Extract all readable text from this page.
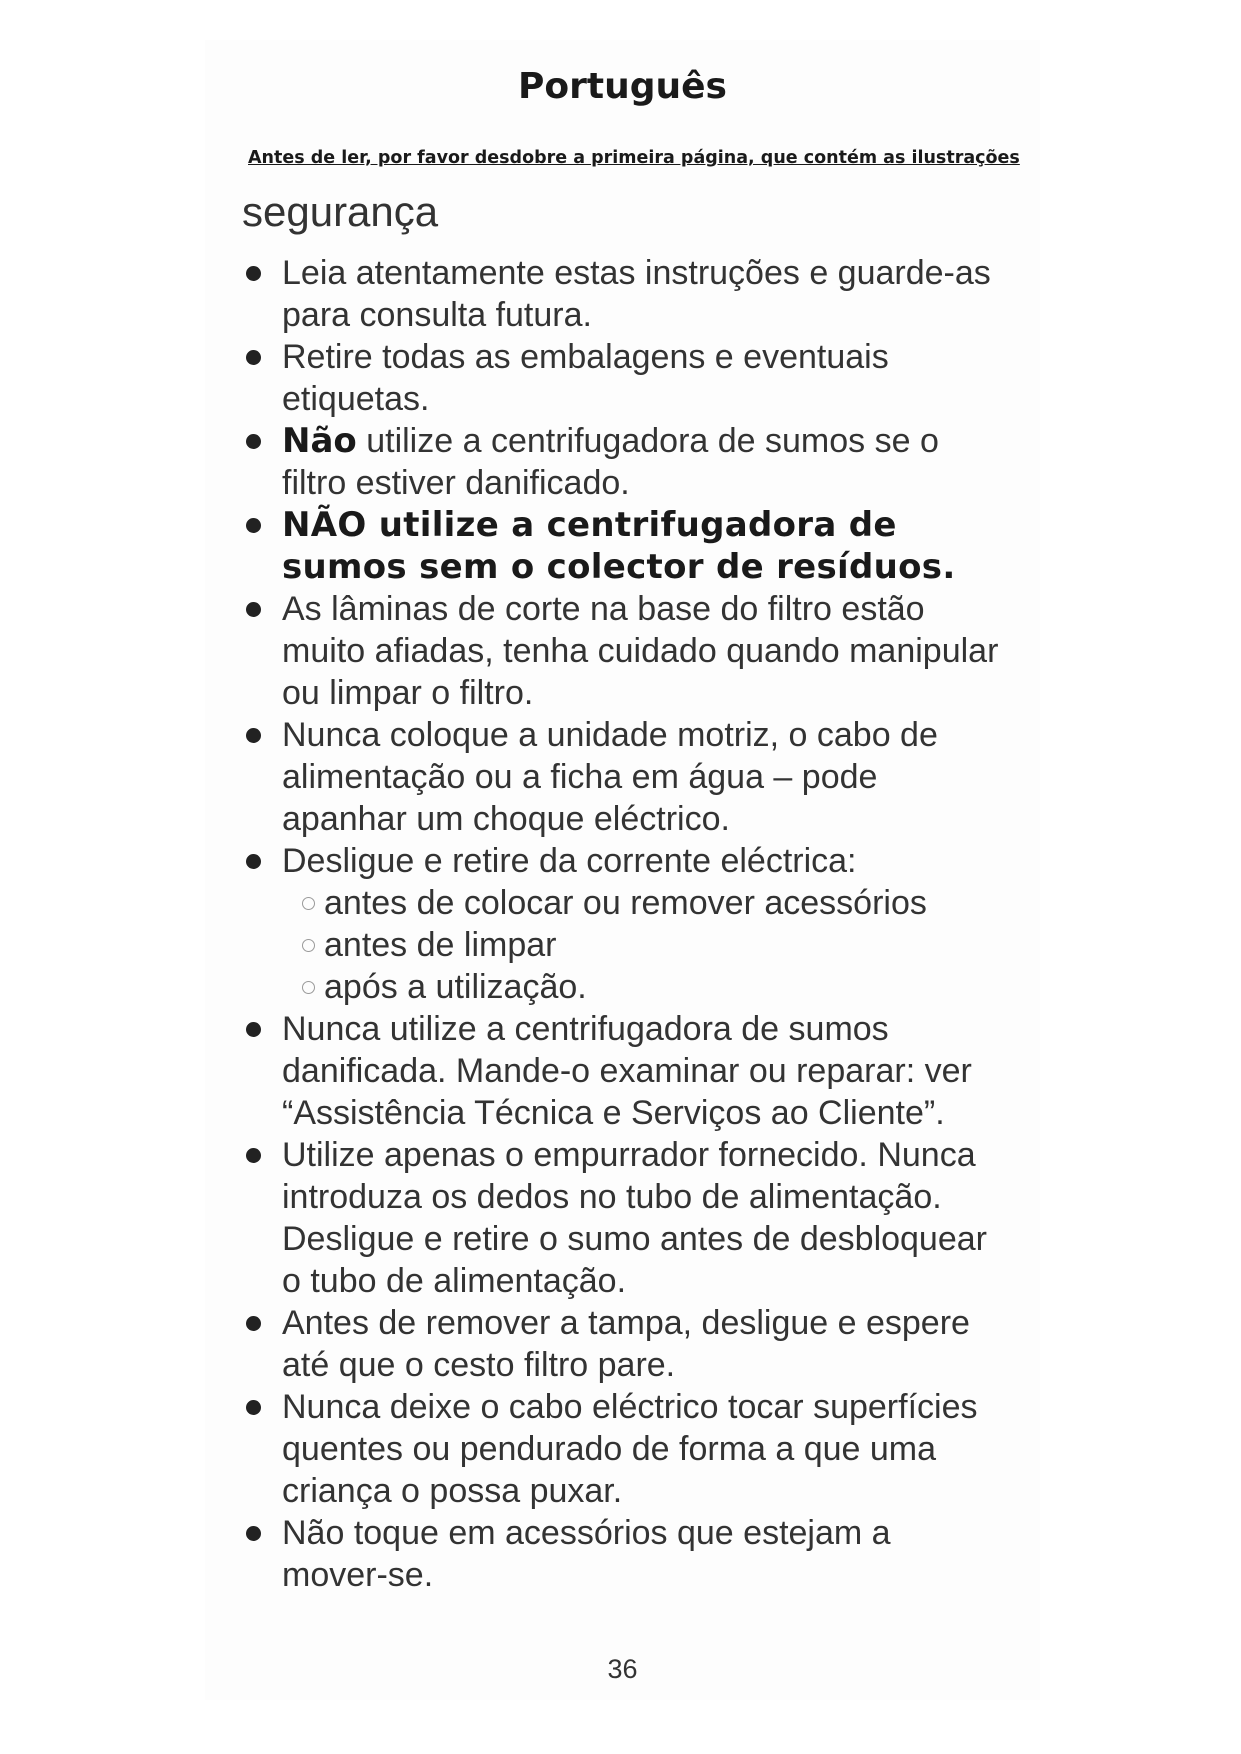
Português

Antes de ler, por favor desdobre a primeira página, que contém as ilustrações

segurança
Leia atentamente estas instruções e guarde-as para consulta futura.
Retire todas as embalagens e eventuais etiquetas.
Não utilize a centrifugadora de sumos se o filtro estiver danificado.
NÃO utilize a centrifugadora de sumos sem o colector de resíduos.
As lâminas de corte na base do filtro estão muito afiadas, tenha cuidado quando manipular ou limpar o filtro.
Nunca coloque a unidade motriz, o cabo de alimentação ou a ficha em água – pode apanhar um choque eléctrico.
Desligue e retire da corrente eléctrica:
antes de colocar ou remover acessórios
antes de limpar
após a utilização.
Nunca utilize a centrifugadora de sumos danificada. Mande-o examinar ou reparar: ver “Assistência Técnica e Serviços ao Cliente”.
Utilize apenas o empurrador fornecido. Nunca introduza os dedos no tubo de alimentação. Desligue e retire o sumo antes de desbloquear o tubo de alimentação.
Antes de remover a tampa, desligue e espere até que o cesto filtro pare.
Nunca deixe o cabo eléctrico tocar superfícies quentes ou pendurado de forma a que uma criança o possa puxar.
Não toque em acessórios que estejam a mover-se.
36
